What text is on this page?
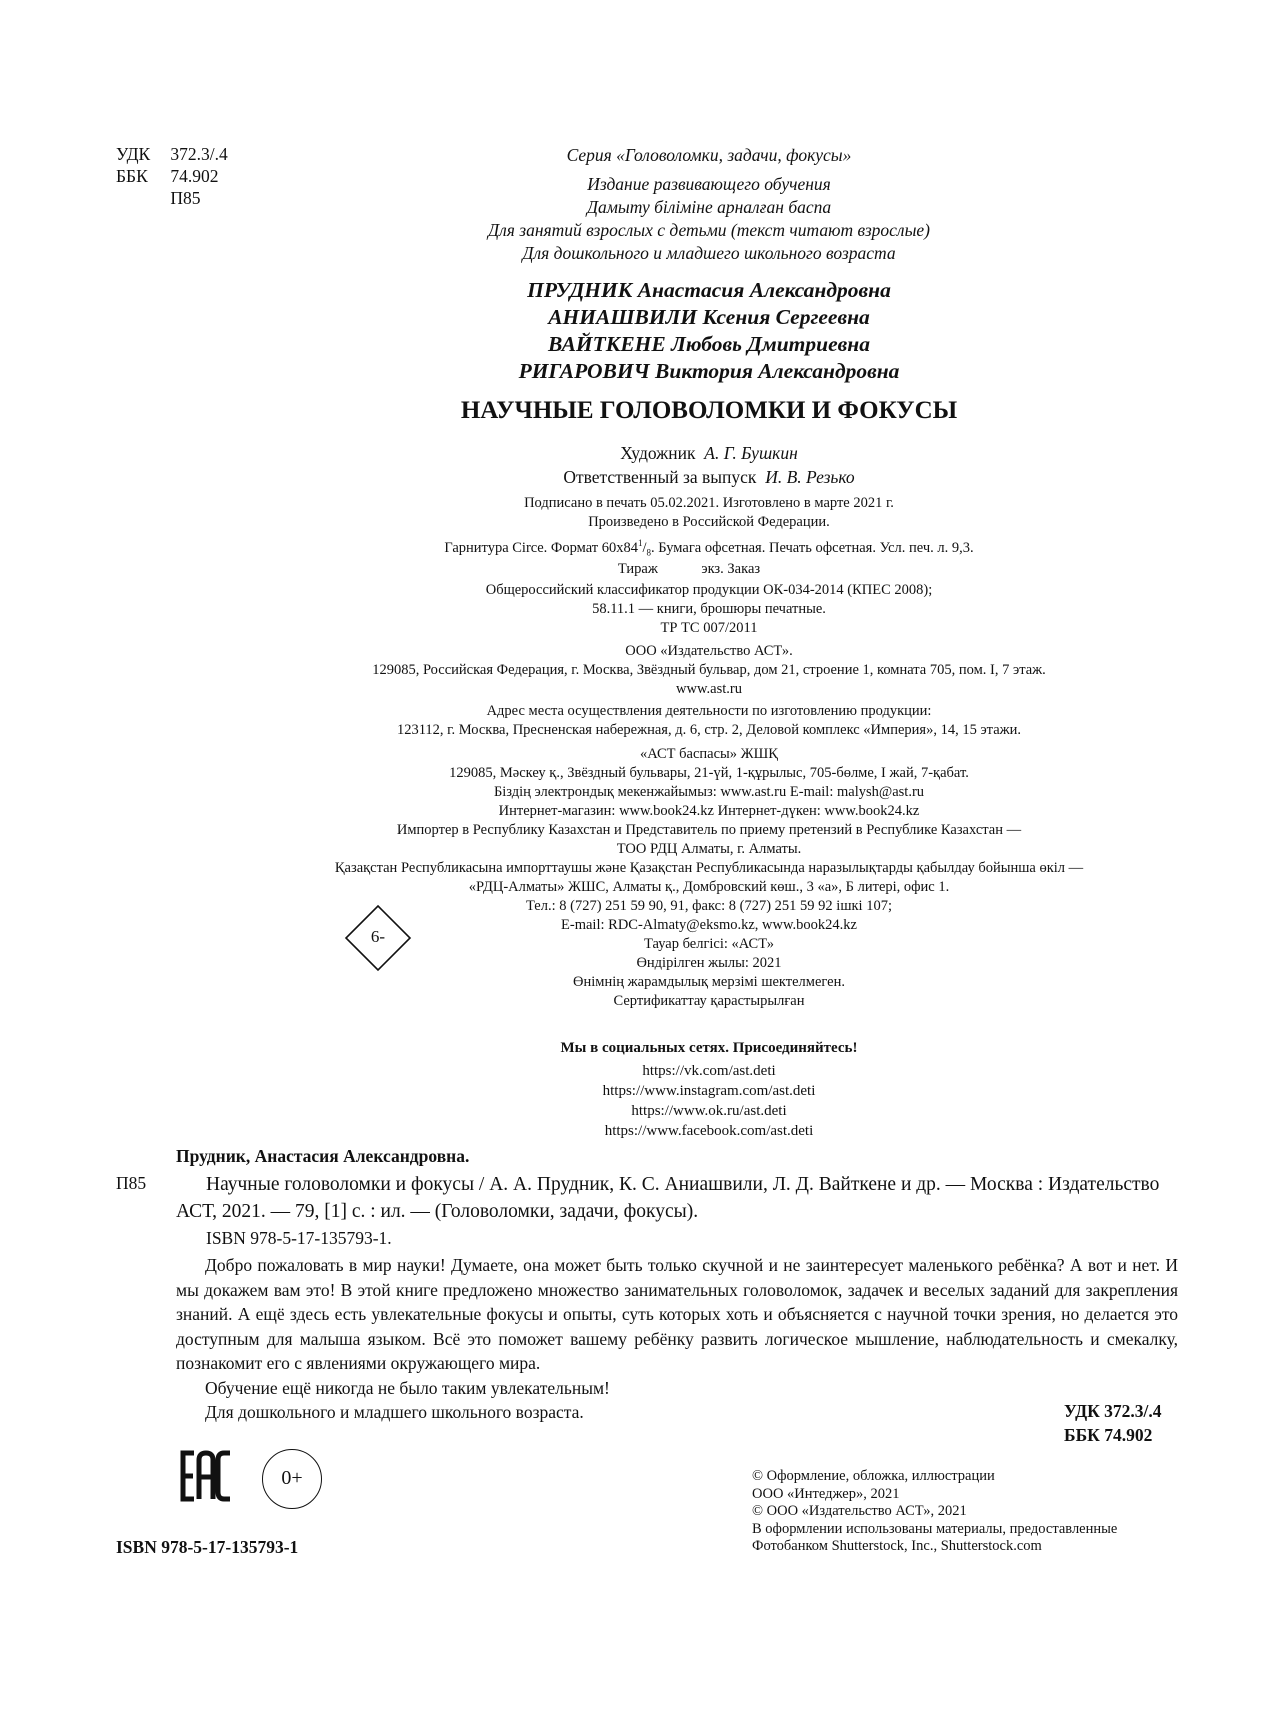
УДК 372.3/.4
ББК 74.902
П85
Серия «Головоломки, задачи, фокусы»
Издание развивающего обучения
Дамыту біліміне арналған баспа
Для занятий взрослых с детьми (текст читают взрослые)
Для дошкольного и младшего школьного возраста
ПРУДНИК Анастасия Александровна
АНИАШВИЛИ Ксения Сергеевна
ВАЙТКЕНЕ Любовь Дмитриевна
РИГАРОВИЧ Виктория Александровна
НАУЧНЫЕ ГОЛОВОЛОМКИ И ФОКУСЫ
Художник А. Г. Бушкин
Ответственный за выпуск И. В. Резько
Подписано в печать 05.02.2021. Изготовлено в марте 2021 г.
Произведено в Российской Федерации.
Гарнитура Circe. Формат $60х84^1/_8$. Бумага офсетная. Печать офсетная. Усл. печ. л. 9,3.
Тираж	экз. Заказ
Общероссийский классификатор продукции ОК-034-2014 (КПЕС 2008);
58.11.1 — книги, брошюры печатные.
ТР ТС 007/2011
ООО «Издательство АСТ».
129085, Российская Федерация, г. Москва, Звёздный бульвар, дом 21, строение 1, комната 705, пом. I, 7 этаж.
www.ast.ru
Адрес места осуществления деятельности по изготовлению продукции:
123112, г. Москва, Пресненская набережная, д. 6, стр. 2, Деловой комплекс «Империя», 14, 15 этажи.
«АСТ баспасы» ЖШҚ
129085, Мәскеу қ., Звёздный бульвары, 21-үй, 1-құрылыс, 705-бөлме, I жай, 7-қабат.
Біздің электрондық мекенжайымыз: www.ast.ru E-mail: malysh@ast.ru
Интернет-магазин: www.book24.kz Интернет-дүкен: www.book24.kz
Импортер в Республику Казахстан и Представитель по приему претензий в Республике Казахстан —
ТОО РДЦ Алматы, г. Алматы.
Қазақстан Республикасына импорттаушы және Қазақстан Республикасында наразылықтарды қабылдау бойынша өкіл —
«РДЦ-Алматы» ЖШС, Алматы қ., Домбровский көш., 3 «а», Б литері, офис 1.
Тел.: 8 (727) 251 59 90, 91, факс: 8 (727) 251 59 92 ішкі 107;
E-mail: RDC-Almaty@eksmo.kz, www.book24.kz
Тауар белгісі: «АСТ»
Өндірілген жылы: 2021
Өнімнің жарамдылық мерзімі шектелмеген.
Сертификаттау қарастырылған
6-
Мы в социальных сетях. Присоединяйтесь!
https://vk.com/ast.deti
https://www.instagram.com/ast.deti
https://www.ok.ru/ast.deti
https://www.facebook.com/ast.deti
Прудник, Анастасия Александровна.
П85	Научные головоломки и фокусы / А. А. Прудник, К. С. Аниашвили, Л. Д. Вайткене и др. — Москва : Издательство
АСТ, 2021. — 79, [1] с. : ил. — (Головоломки, задачи, фокусы).
ISBN 978-5-17-135793-1.

Добро пожаловать в мир науки! Думаете, она может быть только скучной и не заинтересует маленького ребёнка? А вот и нет. И мы докажем вам это! В этой книге предложено множество занимательных головоломок, задачек и веселых заданий для закрепления знаний. А ещё здесь есть увлекательные фокусы и опыты, суть которых хоть и объясняется с научной точки зрения, но делается это доступным для малыша языком. Всё это поможет вашему ребёнку развить логическое мышление, наблюдательность и смекалку, познакомит его с явлениями окружающего мира.

Обучение ещё никогда не было таким увлекательным!

Для дошкольного и младшего школьного возраста.	УДК 372.3/.4
ББК 74.902
0+
ISBN 978-5-17-135793-1
© Оформление, обложка, иллюстрации
ООО «Интеджер», 2021
© ООО «Издательство АСТ», 2021
В оформлении использованы материалы, предоставленные
Фотобанком Shutterstock, Inc., Shutterstock.com
